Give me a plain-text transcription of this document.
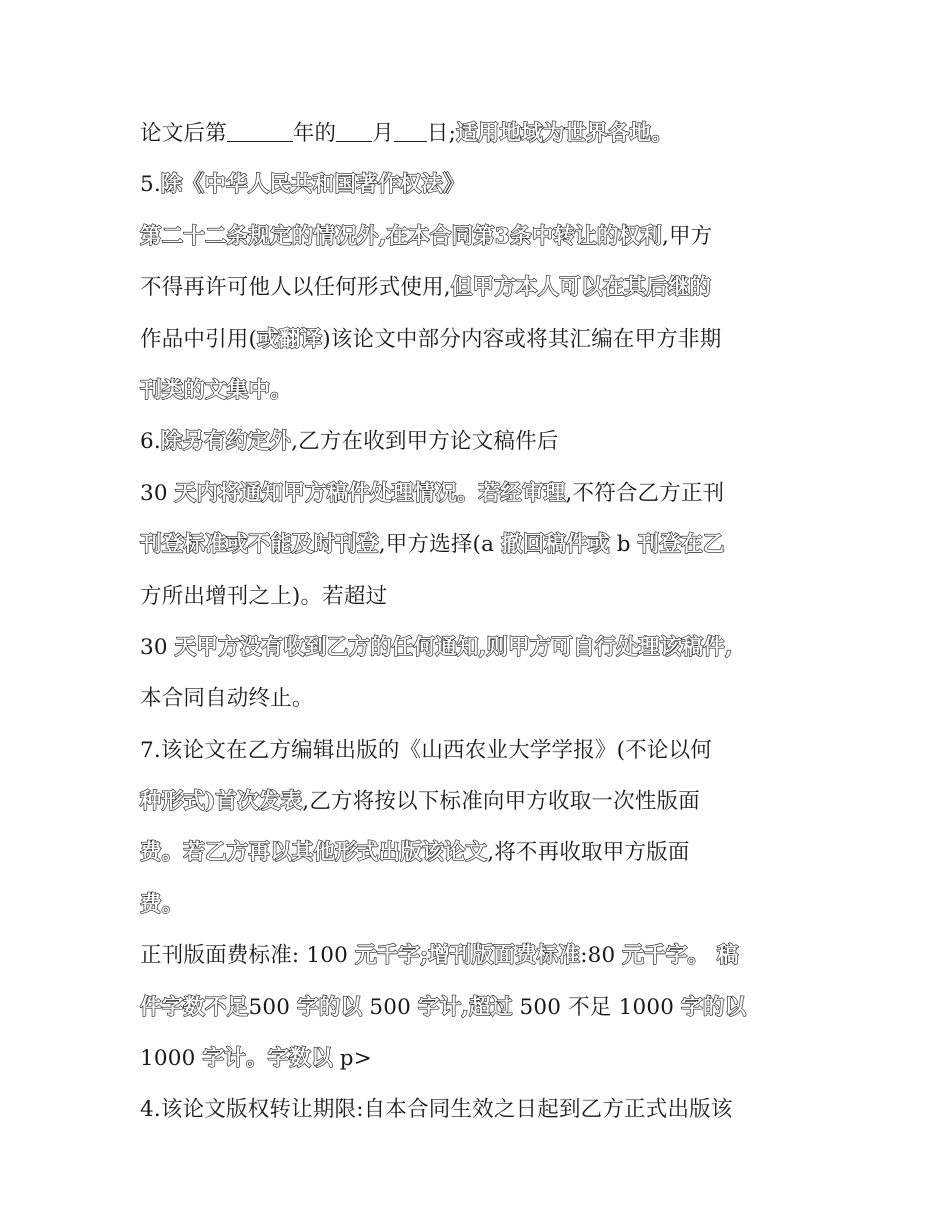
论文后第	年的 月 日;适用地域为世界各地。
5.除《中华人民共和国著作权法》
第二十二条规定的情况外,在本合同第3条中转让的权利,甲方
不得再许可他人以任何形式使用,但甲方本人可以在其后继的
作品中引用(或翻译)该论文中部分内容或将其汇编在甲方非期
刊类的文集中。
6.除另有约定外,乙方在收到甲方论文稿件后
30 天内将通知甲方稿件处理情况。若经审理,不符合乙方正刊
刊登标准或不能及时刊登,甲方选择(a 撤回稿件或 b 刊登在乙
方所出增刊之上)。若超过
30 天甲方没有收到乙方的任何通知,则甲方可自行处理该稿件,
本合同自动终止。
7.该论文在乙方编辑出版的《山西农业大学学报》(不论以何
种形式)首次发表,乙方将按以下标准向甲方收取一次性版面
费。若乙方再以其他形式出版该论文,将不再收取甲方版面
费。
正刊版面费标准: 100 元千字;增刊版面费标准:80 元千字。 稿
件字数不足500 字的以 500 字计,超过 500 不足 1000 字的以
1000 字计。字数以 p>
4.该论文版权转让期限:自本合同生效之日起到乙方正式出版该
